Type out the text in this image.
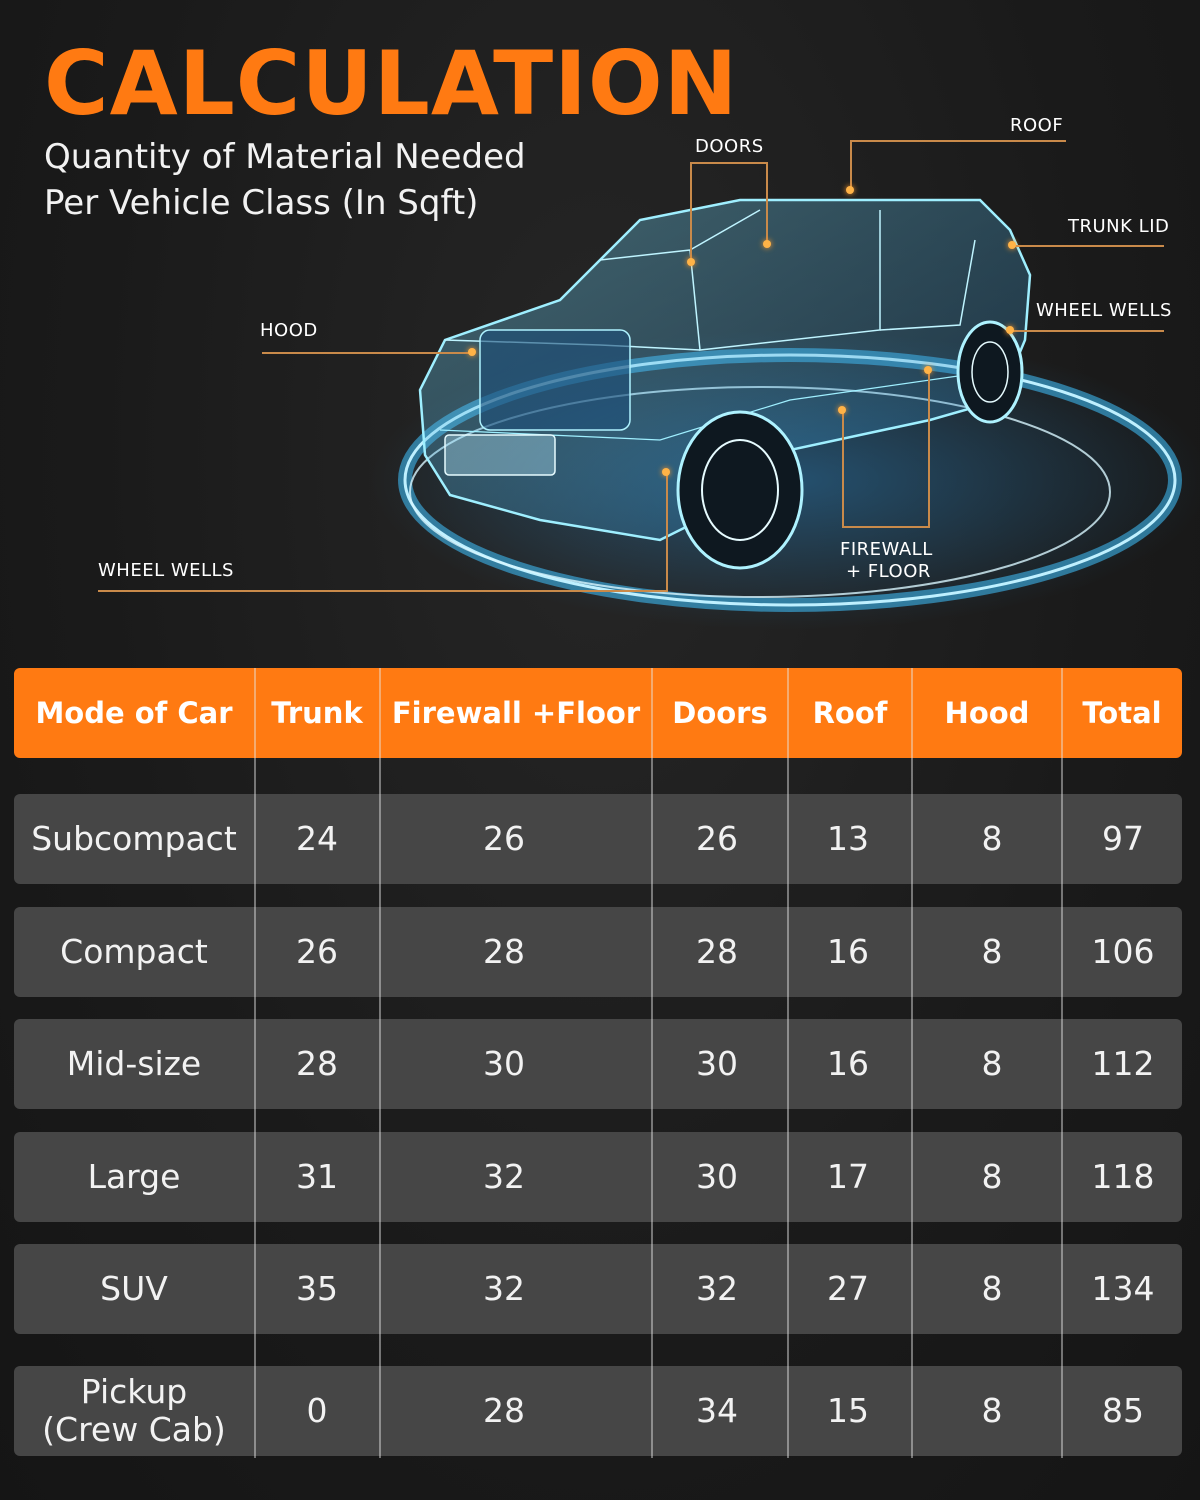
CALCULATION
Quantity of Material Needed
Per Vehicle Class (In Sqft)
DOORS
ROOF
TRUNK LID
WHEEL WELLS
HOOD
WHEEL WELLS
FIREWALL
+ FLOOR
Mode of Car	Trunk	Firewall +Floor	Doors	Roof	Hood	Total
Subcompact	24	26	26	13	8	97
Compact	26	28	28	16	8	106
Mid-size	28	30	30	16	8	112
Large	31	32	30	17	8	118
SUV	35	32	32	27	8	134
Pickup
(Crew Cab)	0	28	34	15	8	85
